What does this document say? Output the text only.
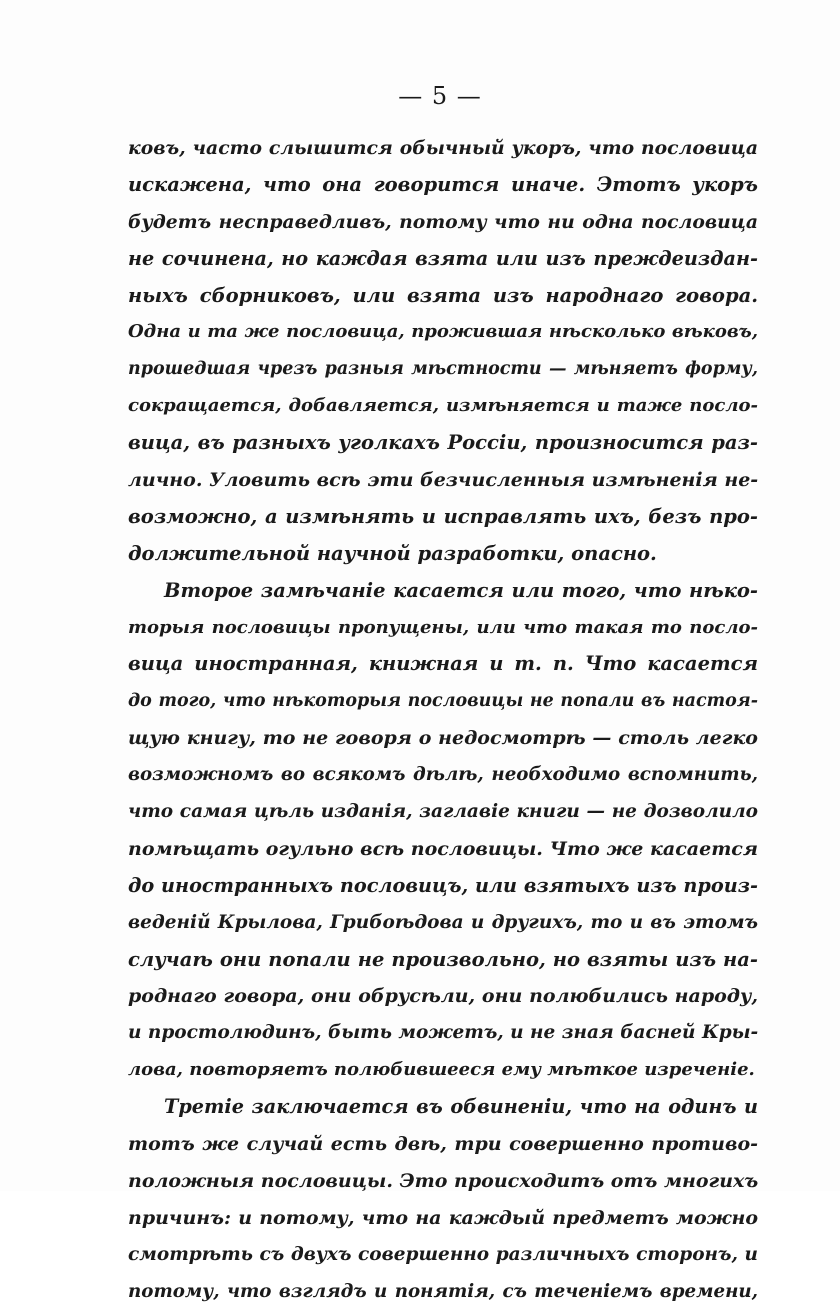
— 5 —
ковъ, часто слышится обычный укоръ, что пословица
искажена, что она говорится иначе. Этотъ укоръ
будетъ несправедливъ, потому что ни одна пословица
не сочинена, но каждая взята или изъ преждеиздан-
ныхъ сборниковъ, или взята изъ народнаго говора.
Одна и та же пословица, прожившая нѣсколько вѣковъ,
прошедшая чрезъ разныя мѣстности — мѣняетъ форму,
сокращается, добавляется, измѣняется и таже посло-
вица, въ разныхъ уголкахъ Россіи, произносится раз-
лично. Уловить всѣ эти безчисленныя измѣненія не-
возможно, а измѣнять и исправлять ихъ, безъ про-
должительной научной разработки, опасно.
Второе замѣчаніе касается или того, что нѣко-
торыя пословицы пропущены, или что такая то посло-
вица иностранная, книжная и т. п. Что касается
до того, что нѣкоторыя пословицы не попали въ настоя-
щую книгу, то не говоря о недосмотрѣ — столь легко
возможномъ во всякомъ дѣлѣ, необходимо вспомнить,
что самая цѣль изданія, заглавіе книги — не дозволило
помѣщать огульно всѣ пословицы. Что же касается
до иностранныхъ пословицъ, или взятыхъ изъ произ-
веденій Крылова, Грибоѣдова и другихъ, то и въ этомъ
случаѣ они попали не произвольно, но взяты изъ на-
роднаго говора, они обрусѣли, они полюбились народу,
и простолюдинъ, быть можетъ, и не зная басней Кры-
лова, повторяетъ полюбившееся ему мѣткое изреченіе.
Третіе заключается въ обвиненіи, что на одинъ и
тотъ же случай есть двѣ, три совершенно противо-
положныя пословицы. Это происходитъ отъ многихъ
причинъ: и потому, что на каждый предметъ можно
смотрѣть съ двухъ совершенно различныхъ сторонъ, и
потому, что взглядъ и понятія, съ теченіемъ времени,
